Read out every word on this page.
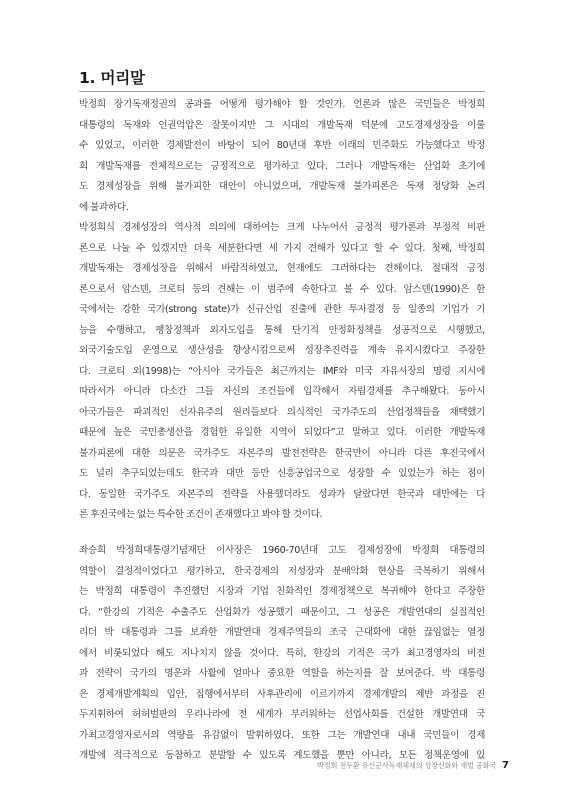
1. 머리말
박정희 장기독재정권의 공과를 어떻게 평가해야 할 것인가. 언론과 많은 국민들은 박정희
대통령의 독재와 인권억압은 잘못이지만 그 시대의 개발독재 덕분에 고도경제성장을 이룰
수 있었고, 이러한 경제발전이 바탕이 되어 80년대 후반 이래의 민주화도 가능했다고 박정
희 개발독재를 전체적으로는 긍정적으로 평가하고 있다. 그러나 개발독재는 산업화 초기에
도 경제성장을 위해 불가피한 대안이 아니었으며, 개발독재 불가피론은 독재 정당화 논리
에 불과하다.
박정희식 경제성장의 역사적 의의에 대하여는 크게 나누어서 긍정적 평가론과 부정적 비판
론으로 나눌 수 있겠지만 더욱 세분한다면 세 가지 견해가 있다고 할 수 있다. 첫째, 박정희
개발독재는 경제성장을 위해서 바람직하였고, 현재에도 그러하다는 견해이다. 절대적 긍정
론으로서 암스덴, 크로티 등의 견해는 이 범주에 속한다고 볼 수 있다. 암스덴(1990)은 한
국에서는 강한 국가(strong state)가 신규산업 진출에 관한 투자결정 등 일종의 기업가 기
능을 수행하고, 팽창정책과 외자도입을 통해 단기적 안정화정책을 성공적으로 시행했고,
외국기술도입 운영으로 생산성을 향상시킴으로써 성장추진력을 계속 유지시켰다고 주장한
다. 크로티 외(1998)는 “아시아 국가들은 최근까지는 IMF와 미국 자유시장의 명령 지시에
따라서가 아니라 다소간 그들 자신의 조건들에 입각해서 자립경제를 추구해왔다. 동아시
아국가들은 파괴적인 신자유주의 원리들보다 의식적인 국가주도의 산업정책들을 채택했기
때문에 높은 국민총생산을 경험한 유일한 지역이 되었다”고 말하고 있다. 이러한 개발독재
불가피론에 대한 의문은 국가주도 자본주의 발전전략은 한국만이 아니라 다른 후진국에서
도 널리 추구되었는데도 한국과 대만 등만 신흥공업국으로 성장할 수 있었는가 하는 점이
다. 동일한 국가주도 자본주의 전략을 사용했더라도 성과가 달랐다면 한국과 대만에는 다
른 후진국에는 없는 특수한 조건이 존재했다고 봐야 할 것이다.
좌승희 박정희대통령기념재단 이사장은 1960-70년대 고도 경제성장에 박정희 대통령의
역할이 결정적이었다고 평가하고, 한국경제의 저성장과 분배악화 현상을 극복하기 위해서
는 박정희 대통령이 추진했던 시장과 기업 친화적인 경제정책으로 복귀해야 한다고 주장한
다. “한강의 기적은 수출주도 산업화가 성공했기 때문이고, 그 성공은 개발연대의 실질적인
리더 박 대통령과 그를 보좌한 개발연대 경제주역들의 조국 근대화에 대한 끊임없는 열정
에서 비롯되었다 해도 지나치지 않을 것이다. 특히, 한강의 기적은 국가 최고경영자의 비전
과 전략이 국가의 명운과 사활에 얼마나 중요한 역할을 하는지를 잘 보여준다. 박 대통령
은 경제개발계획의 입안, 집행에서부터 사후관리에 이르기까지 경제개발의 제반 과정을 진
두지휘하여 허허벌판의 우리나라에 전 세계가 부러워하는 선업사회를 건설한 개발연대 국
가최고경영자로서의 역량을 유감없이 발휘하였다. 또한 그는 개발연대 내내 국민들이 경제
개발에 적극적으로 동참하고 분발할 수 있도록 계도했을 뿐만 아니라, 모든 정책운영에 있
박정희 전두환 유신군사독재체제의 성장신화와 재벌 공화국 7
